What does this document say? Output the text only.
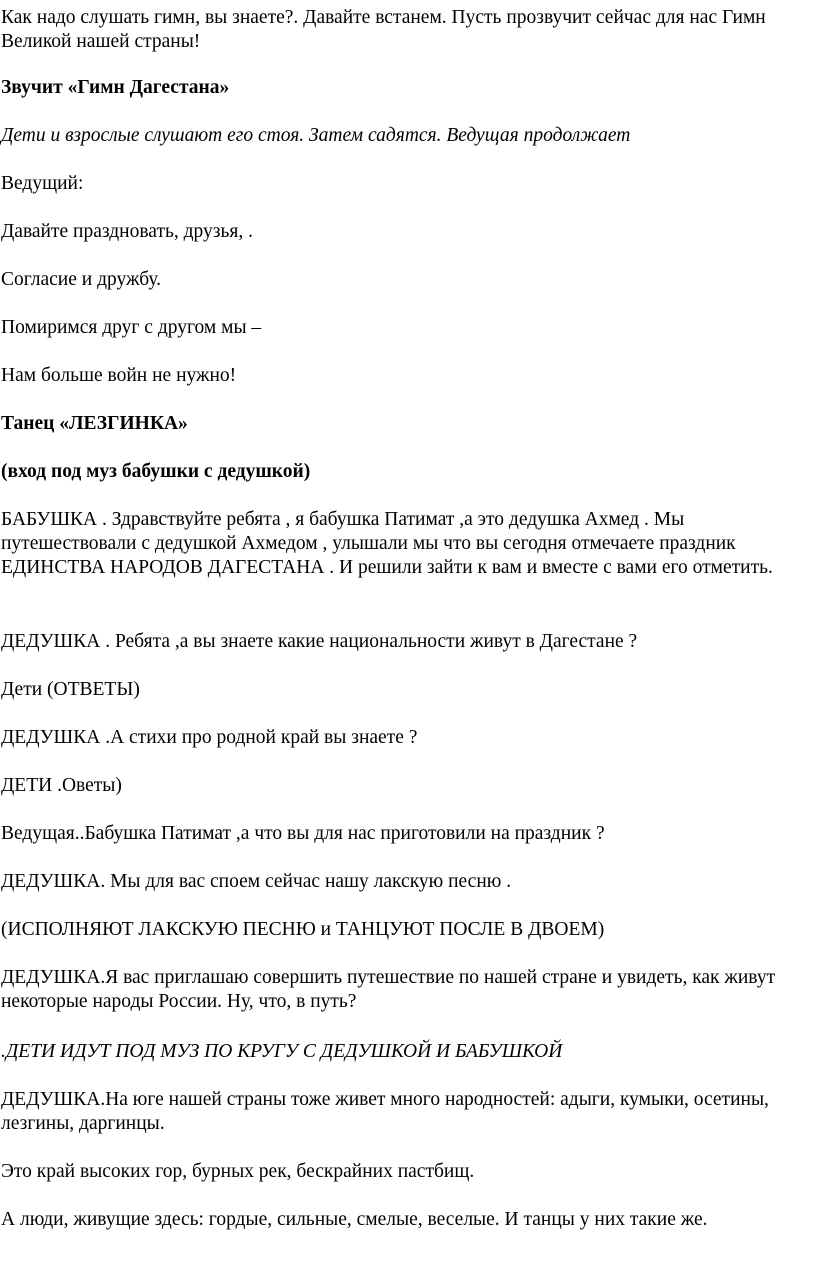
Как надо слушать гимн, вы знаете?. Давайте встанем. Пусть прозвучит сейчас для нас Гимн Великой нашей страны!

Звучит «Гимн Дагестана»

Дети и взрослые слушают его стоя. Затем садятся. Ведущая продолжает

Ведущий:

Давайте праздновать, друзья, .

Согласие и дружбу.

Помиримся друг с другом мы –

Нам больше войн не нужно!

Танец «ЛЕЗГИНКА»

(вход под муз бабушки с дедушкой)

БАБУШКА . Здравствуйте ребята , я бабушка Патимат ,а это дедушка Ахмед . Мы путешествовали с дедушкой Ахмедом , улышали мы что вы сегодня отмечаете праздник ЕДИНСТВА НАРОДОВ ДАГЕСТАНА . И решили зайти к вам и вместе с вами его отметить.

ДЕДУШКА . Ребята ,а вы знаете какие национальности живут в Дагестане ?

Дети (ОТВЕТЫ)

ДЕДУШКА .А стихи про родной край вы знаете ?

ДЕТИ .Оветы)

Ведущая..Бабушка Патимат ,а что вы для нас приготовили на праздник ?

ДЕДУШКА. Мы для вас споем сейчас нашу лакскую песню .

(ИСПОЛНЯЮТ ЛАКСКУЮ ПЕСНЮ и ТАНЦУЮТ ПОСЛЕ В ДВОЕМ)

ДЕДУШКА.Я вас приглашаю совершить путешествие по нашей стране и увидеть, как живут некоторые народы России. Ну, что, в путь?

.ДЕТИ ИДУТ ПОД МУЗ ПО КРУГУ С ДЕДУШКОЙ И БАБУШКОЙ

ДЕДУШКА.На юге нашей страны тоже живет много народностей: адыги, кумыки, осетины, лезгины, даргинцы.

Это край высоких гор, бурных рек, бескрайних пастбищ.

А люди, живущие здесь: гордые, сильные, смелые, веселые. И танцы у них такие же.
